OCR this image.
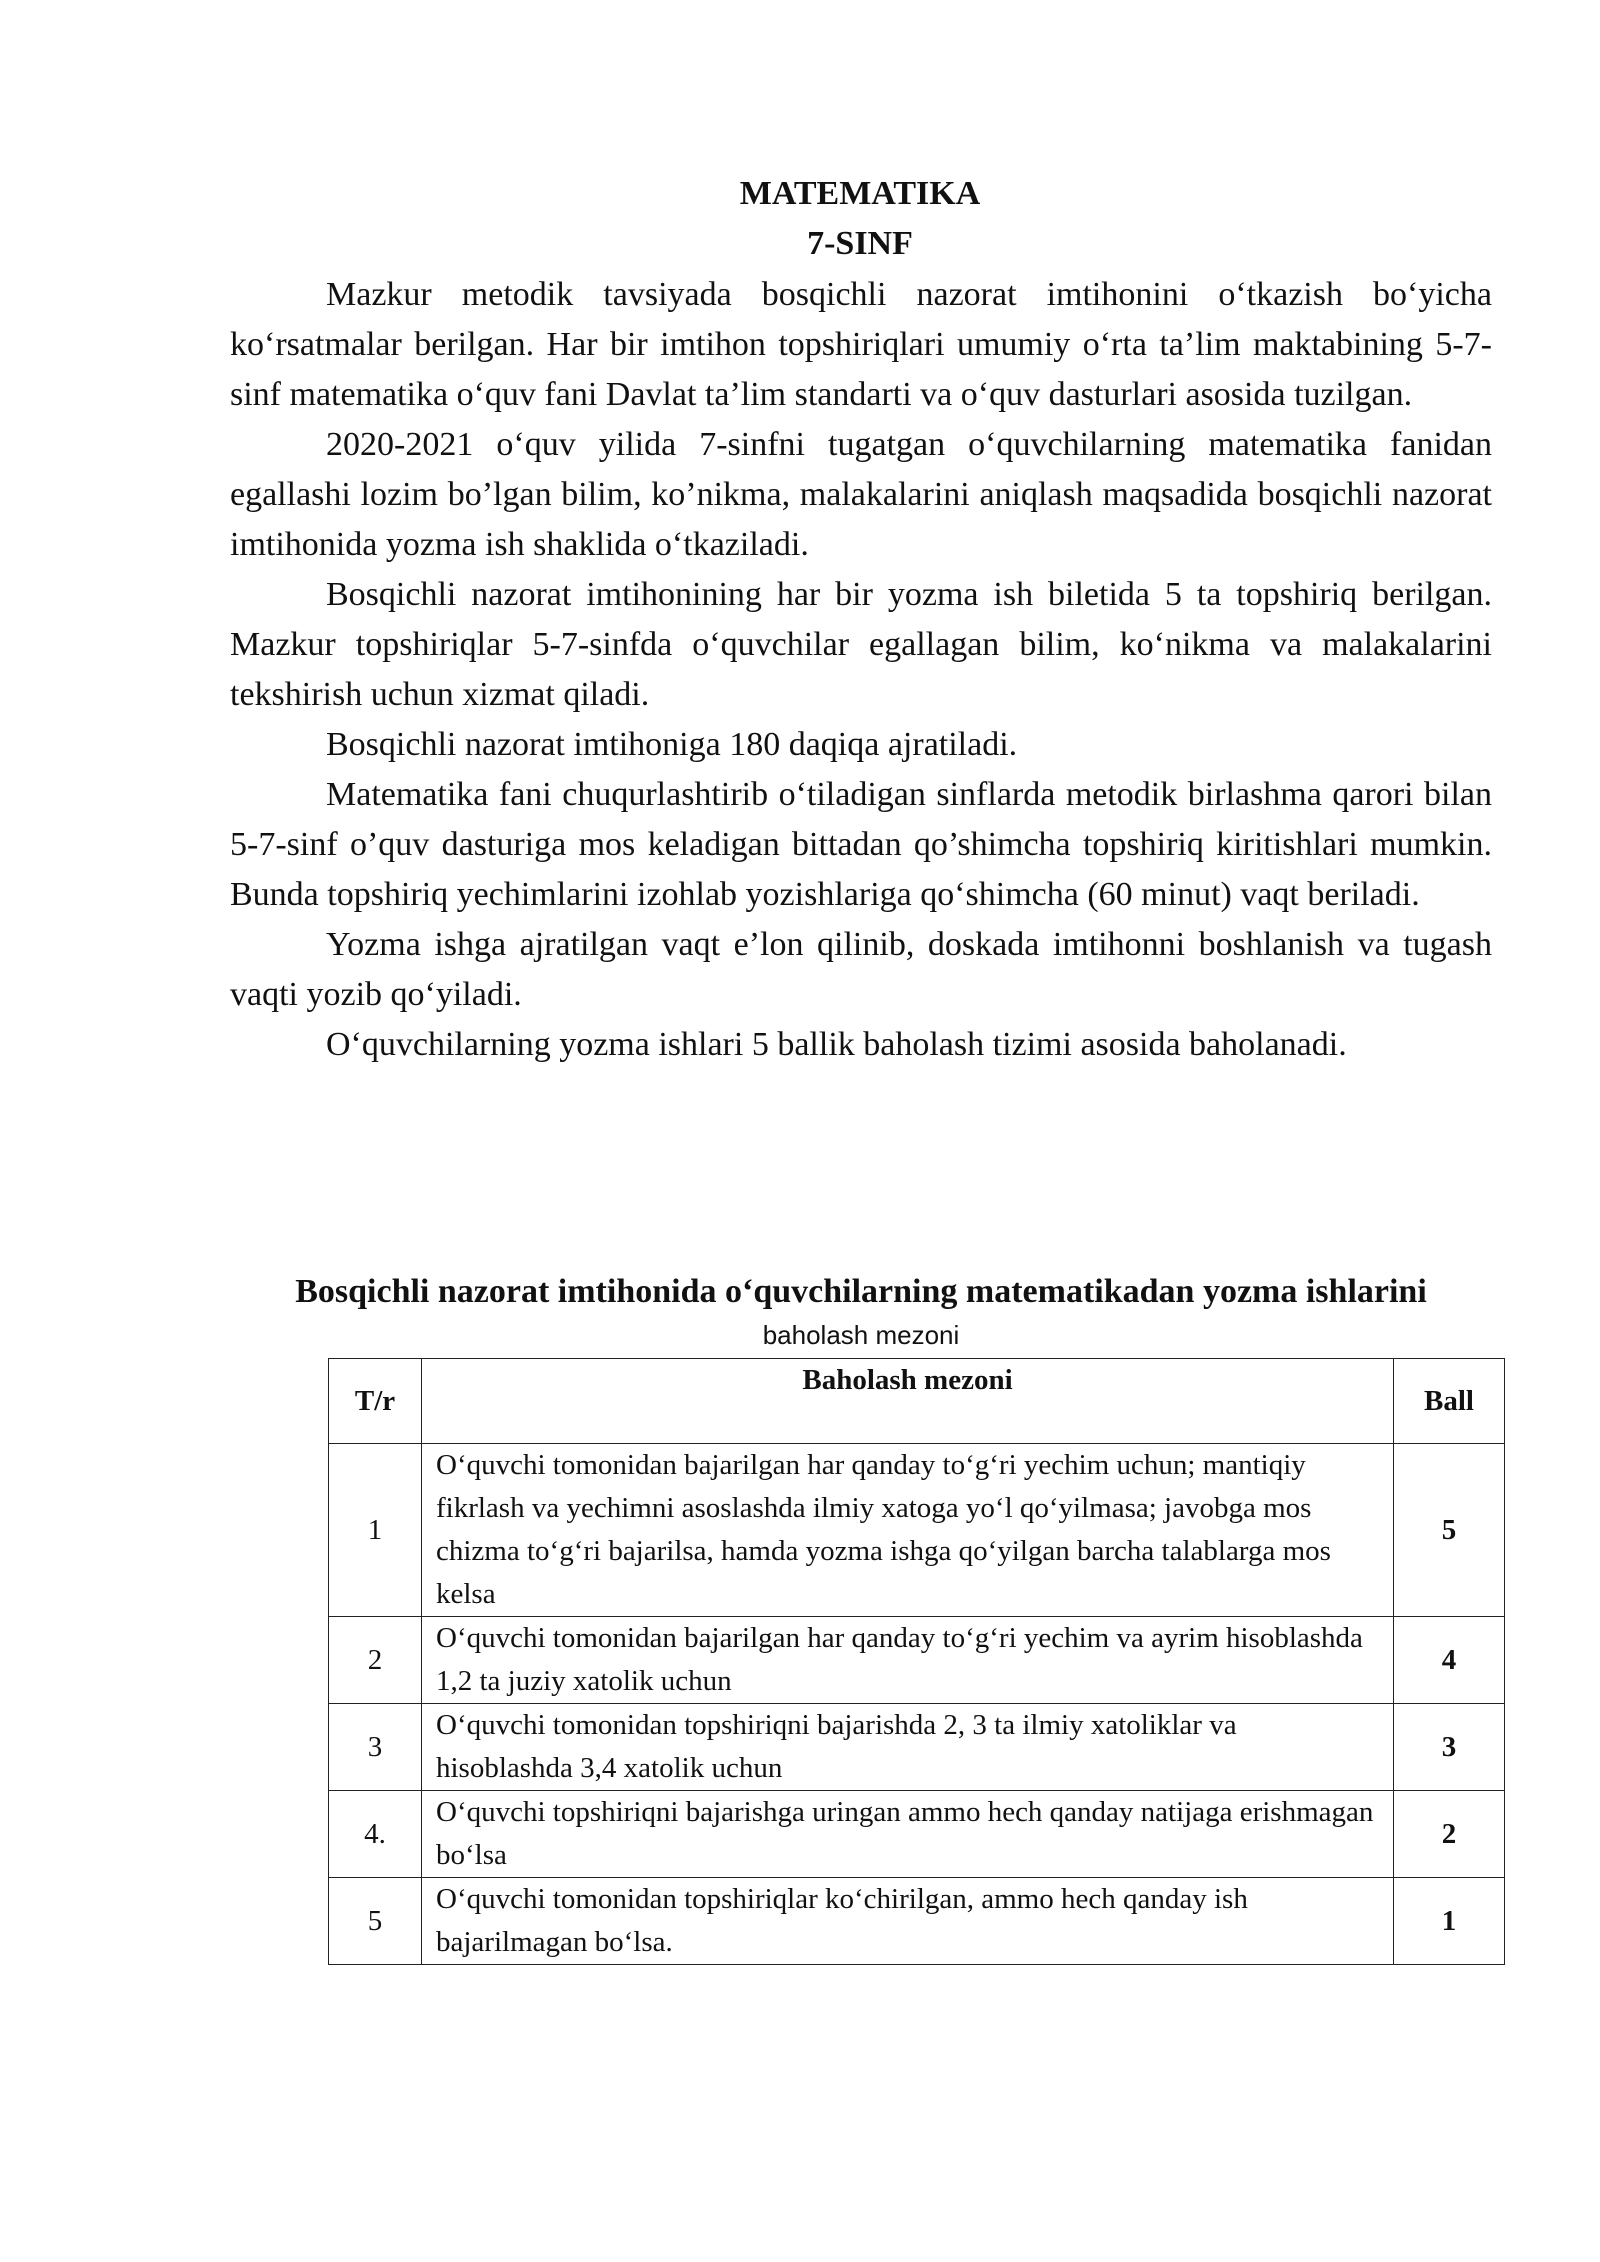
MATEMATIKA
7-SINF

Mazkur metodik tavsiyada bosqichli nazorat imtihonini o‘tkazish bo‘yicha ko‘rsatmalar berilgan. Har bir imtihon topshiriqlari umumiy o‘rta ta’lim maktabining 5-7-sinf matematika o‘quv fani Davlat ta’lim standarti va o‘quv dasturlari asosida tuzilgan.

2020-2021 o‘quv yilida 7-sinfni tugatgan o‘quvchilarning matematika fanidan egallashi lozim bo’lgan bilim, ko’nikma, malakalarini aniqlash maqsadida bosqichli nazorat imtihonida yozma ish shaklida o‘tkaziladi.

Bosqichli nazorat imtihonining har bir yozma ish biletida 5 ta topshiriq berilgan. Mazkur topshiriqlar 5-7-sinfda o‘quvchilar egallagan bilim, ko‘nikma va malakalarini tekshirish uchun xizmat qiladi.

Bosqichli nazorat imtihoniga 180 daqiqa ajratiladi.

Matematika fani chuqurlashtirib o‘tiladigan sinflarda metodik birlashma qarori bilan 5-7-sinf o’quv dasturiga mos keladigan bittadan qo’shimcha topshiriq kiritishlari mumkin. Bunda topshiriq yechimlarini izohlab yozishlariga qo‘shimcha (60 minut) vaqt beriladi.

Yozma ishga ajratilgan vaqt e’lon qilinib, doskada imtihonni boshlanish va tugash vaqti yozib qo‘yiladi.

O‘quvchilarning yozma ishlari 5 ballik baholash tizimi asosida baholanadi.

Bosqichli nazorat imtihonida o‘quvchilarning matematikadan yozma ishlarini
baholash mezoni
T/r	Baholash mezoni	Ball
1	O‘quvchi tomonidan bajarilgan har qanday to‘g‘ri yechim uchun; mantiqiy fikrlash va yechimni asoslashda ilmiy xatoga yo‘l qo‘yilmasa; javobga mos chizma to‘g‘ri bajarilsa, hamda yozma ishga qo‘yilgan barcha talablarga mos kelsa	5
2	O‘quvchi tomonidan bajarilgan har qanday to‘g‘ri yechim va ayrim hisoblashda 1,2 ta juziy xatolik uchun	4
3	O‘quvchi tomonidan topshiriqni bajarishda 2, 3 ta ilmiy xatoliklar va hisoblashda 3,4 xatolik uchun	3
4.	O‘quvchi topshiriqni bajarishga uringan ammo hech qanday natijaga erishmagan bo‘lsa	2
5	O‘quvchi tomonidan topshiriqlar ko‘chirilgan, ammo hech qanday ish bajarilmagan bo‘lsa.	1
